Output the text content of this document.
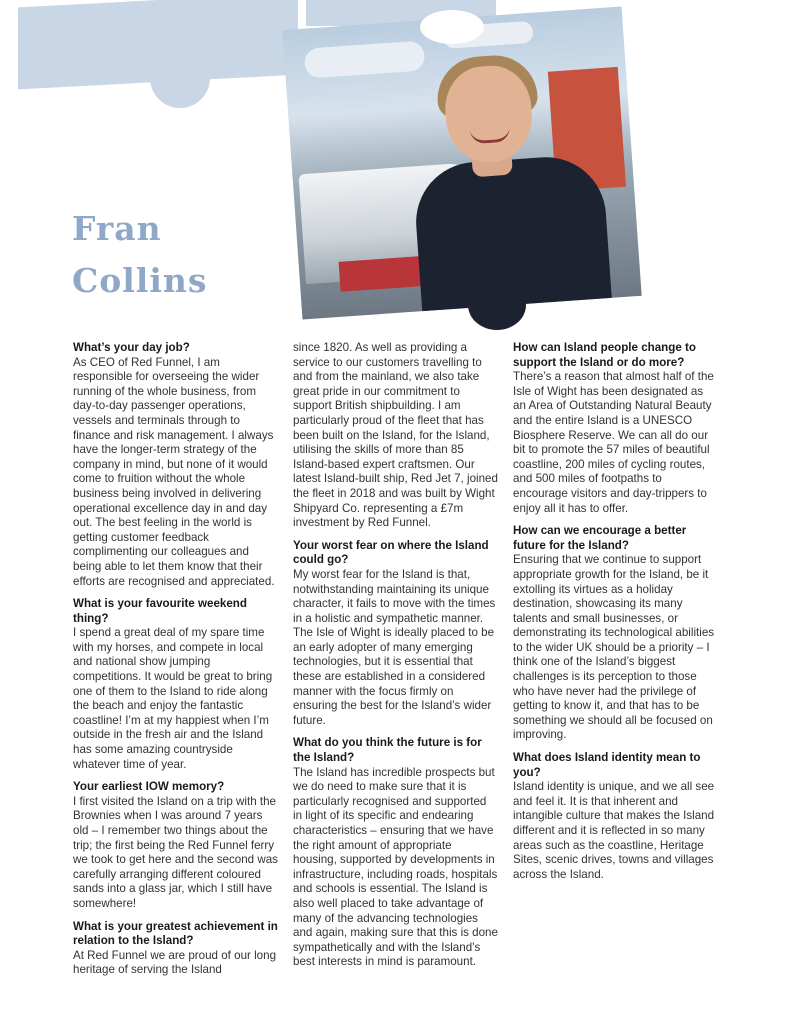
Fran
Collins

What’s your day job?

As CEO of Red Funnel, I am responsible for overseeing the wider running of the whole business, from day-to-day passenger operations, vessels and terminals through to finance and risk management. I always have the longer-term strategy of the company in mind, but none of it would come to fruition without the whole business being involved in delivering operational excellence day in and day out. The best feeling in the world is getting customer feedback complimenting our colleagues and being able to let them know that their efforts are recognised and appreciated.

What is your favourite weekend thing?

I spend a great deal of my spare time with my horses, and compete in local and national show jumping competitions. It would be great to bring one of them to the Island to ride along the beach and enjoy the fantastic coastline! I’m at my happiest when I’m outside in the fresh air and the Island has some amazing countryside whatever time of year.

Your earliest IOW memory?

I first visited the Island on a trip with the Brownies when I was around 7 years old – I remember two things about the trip; the first being the Red Funnel ferry we took to get here and the second was carefully arranging different coloured sands into a glass jar, which I still have somewhere!

What is your greatest achievement in relation to the Island?

At Red Funnel we are proud of our long heritage of serving the Island

since 1820. As well as providing a service to our customers travelling to and from the mainland, we also take great pride in our commitment to support British shipbuilding. I am particularly proud of the fleet that has been built on the Island, for the Island, utilising the skills of more than 85 Island-based expert craftsmen. Our latest Island-built ship, Red Jet 7, joined the fleet in 2018 and was built by Wight Shipyard Co. representing a £7m investment by Red Funnel.

Your worst fear on where the Island could go?

My worst fear for the Island is that, notwithstanding maintaining its unique character, it fails to move with the times in a holistic and sympathetic manner. The Isle of Wight is ideally placed to be an early adopter of many emerging technologies, but it is essential that these are established in a considered manner with the focus firmly on ensuring the best for the Island’s wider future.

What do you think the future is for the Island?

The Island has incredible prospects but we do need to make sure that it is particularly recognised and supported in light of its specific and endearing characteristics – ensuring that we have the right amount of appropriate housing, supported by developments in infrastructure, including roads, hospitals and schools is essential. The Island is also well placed to take advantage of many of the advancing technologies and again, making sure that this is done sympathetically and with the Island’s best interests in mind is paramount.

How can Island people change to support the Island or do more?

There’s a reason that almost half of the Isle of Wight has been designated as an Area of Outstanding Natural Beauty and the entire Island is a UNESCO Biosphere Reserve. We can all do our bit to promote the 57 miles of beautiful coastline, 200 miles of cycling routes, and 500 miles of footpaths to encourage visitors and day-trippers to enjoy all it has to offer.

How can we encourage a better future for the Island?

Ensuring that we continue to support appropriate growth for the Island, be it extolling its virtues as a holiday destination, showcasing its many talents and small businesses, or demonstrating its technological abilities to the wider UK should be a priority – I think one of the Island’s biggest challenges is its perception to those who have never had the privilege of getting to know it, and that has to be something we should all be focused on improving.

What does Island identity mean to you?

Island identity is unique, and we all see and feel it. It is that inherent and intangible culture that makes the Island different and it is reflected in so many areas such as the coastline, Heritage Sites, scenic drives, towns and villages across the Island.
